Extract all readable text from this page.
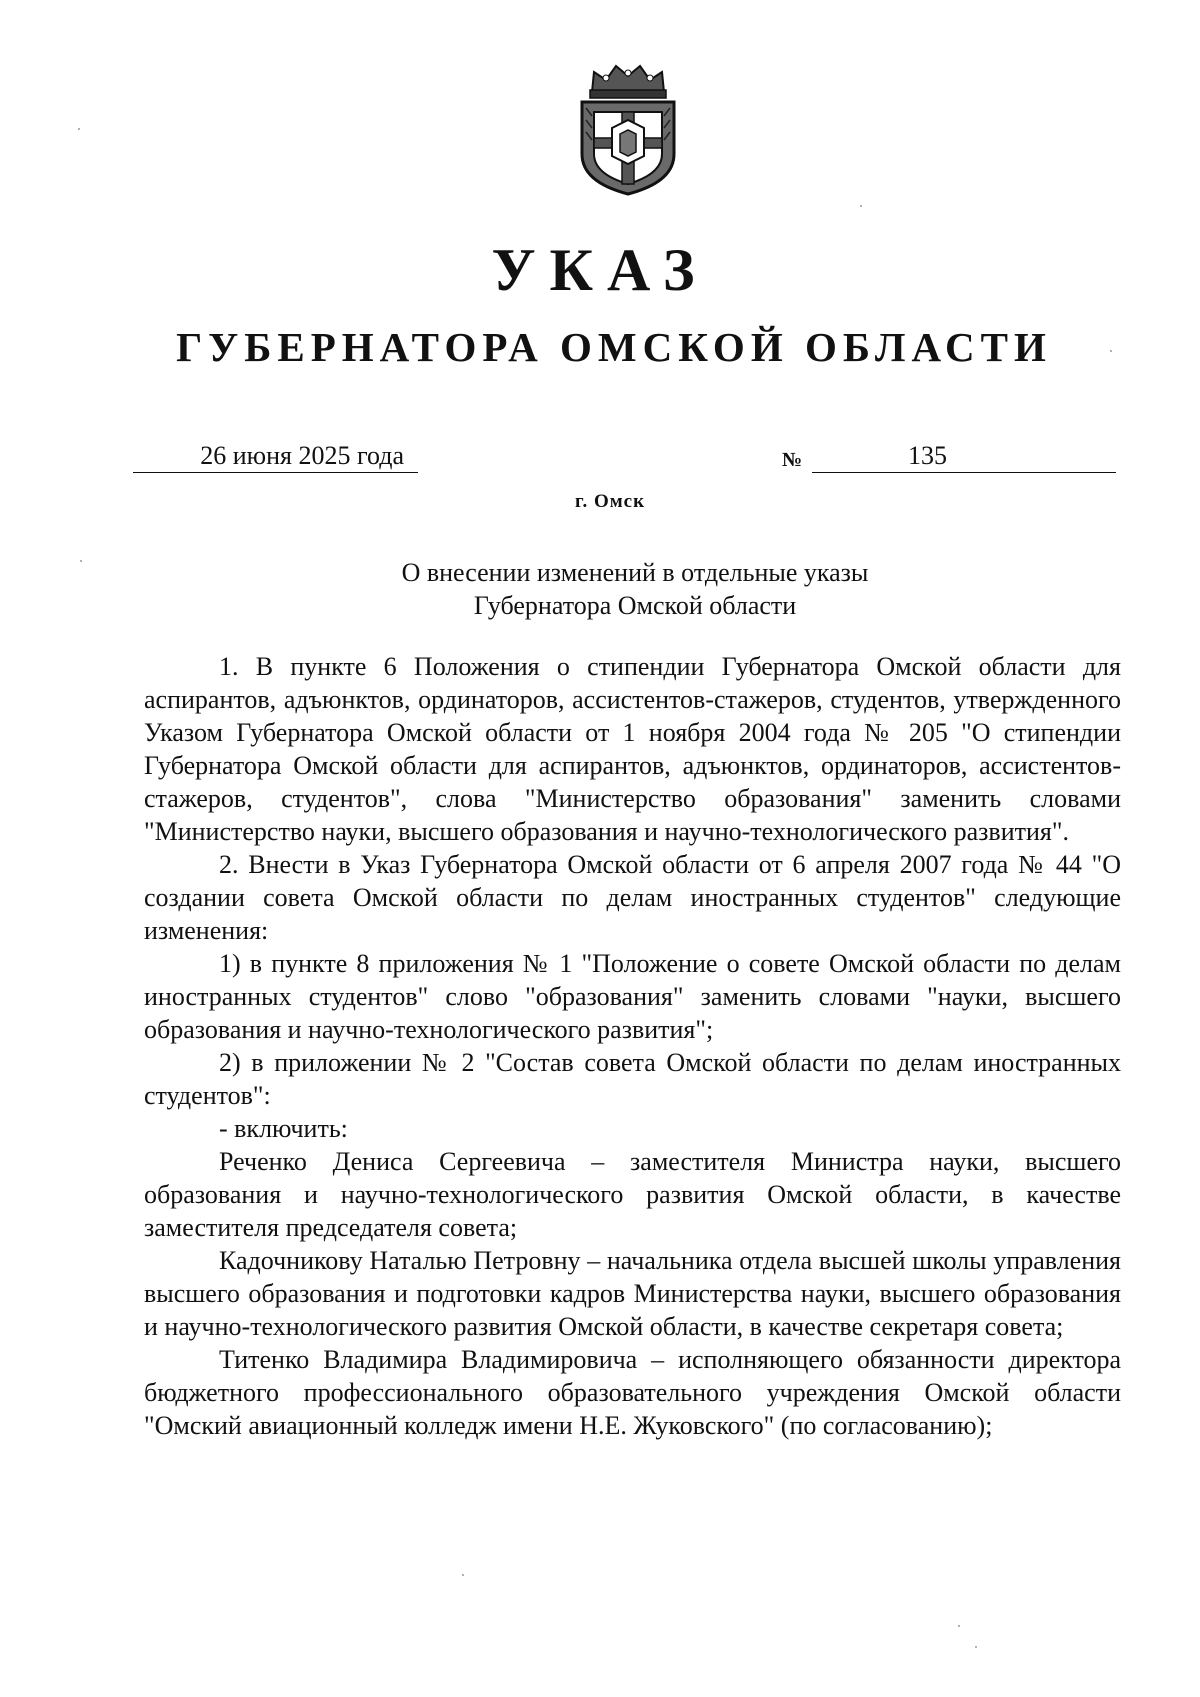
УКАЗ
ГУБЕРНАТОРА ОМСКОЙ ОБЛАСТИ
26 июня 2025 года	№	135
г. Омск
О внесении изменений в отдельные указы
Губернатора Омской области

1. В пункте 6 Положения о стипендии Губернатора Омской области для аспирантов, адъюнктов, ординаторов, ассистентов-стажеров, студентов, утвержденного Указом Губернатора Омской области от 1 ноября 2004 года № 205 "О стипендии Губернатора Омской области для аспирантов, адъюнктов, ординаторов, ассистентов-стажеров, студентов", слова "Министерство образования" заменить словами "Министерство науки, высшего образования и научно-технологического развития".

2. Внести в Указ Губернатора Омской области от 6 апреля 2007 года № 44 "О создании совета Омской области по делам иностранных студентов" следующие изменения:

1) в пункте 8 приложения № 1 "Положение о совете Омской области по делам иностранных студентов" слово "образования" заменить словами "науки, высшего образования и научно-технологического развития";

2) в приложении № 2 "Состав совета Омской области по делам иностранных студентов":

- включить:

Реченко Дениса Сергеевича – заместителя Министра науки, высшего образования и научно-технологического развития Омской области, в качестве заместителя председателя совета;

Кадочникову Наталью Петровну – начальника отдела высшей школы управления высшего образования и подготовки кадров Министерства науки, высшего образования и научно-технологического развития Омской области, в качестве секретаря совета;

Титенко Владимира Владимировича – исполняющего обязанности директора бюджетного профессионального образовательного учреждения Омской области "Омский авиационный колледж имени Н.Е. Жуковского" (по согласованию);
